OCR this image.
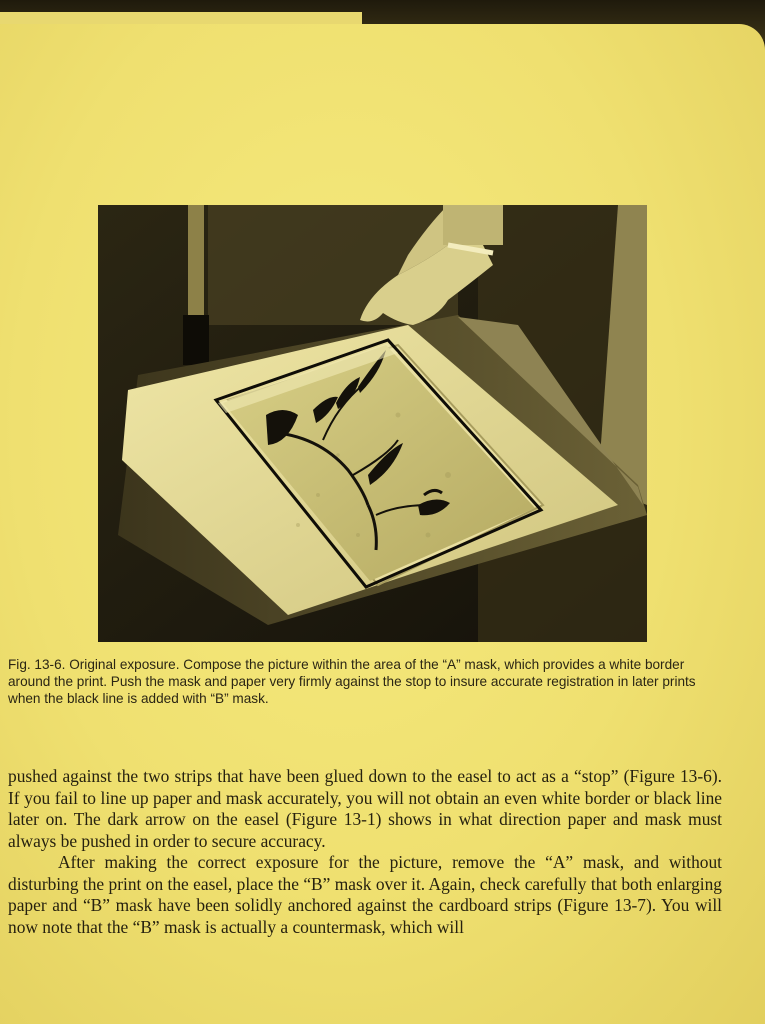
Fig. 13-6. Original exposure. Compose the picture within the area of the “A” mask, which provides a white border around the print. Push the mask and paper very firmly against the stop to insure accurate registration in later prints when the black line is added with “B” mask.

pushed against the two strips that have been glued down to the easel to act as a “stop” (Figure 13-6). If you fail to line up paper and mask accurately, you will not obtain an even white border or black line later on. The dark arrow on the easel (Figure 13-1) shows in what direction paper and mask must always be pushed in order to secure accuracy.

After making the correct exposure for the picture, remove the “A” mask, and without disturbing the print on the easel, place the “B” mask over it. Again, check carefully that both enlarging paper and “B” mask have been solidly anchored against the cardboard strips (Figure 13-7). You will now note that the “B” mask is actually a countermask, which will
